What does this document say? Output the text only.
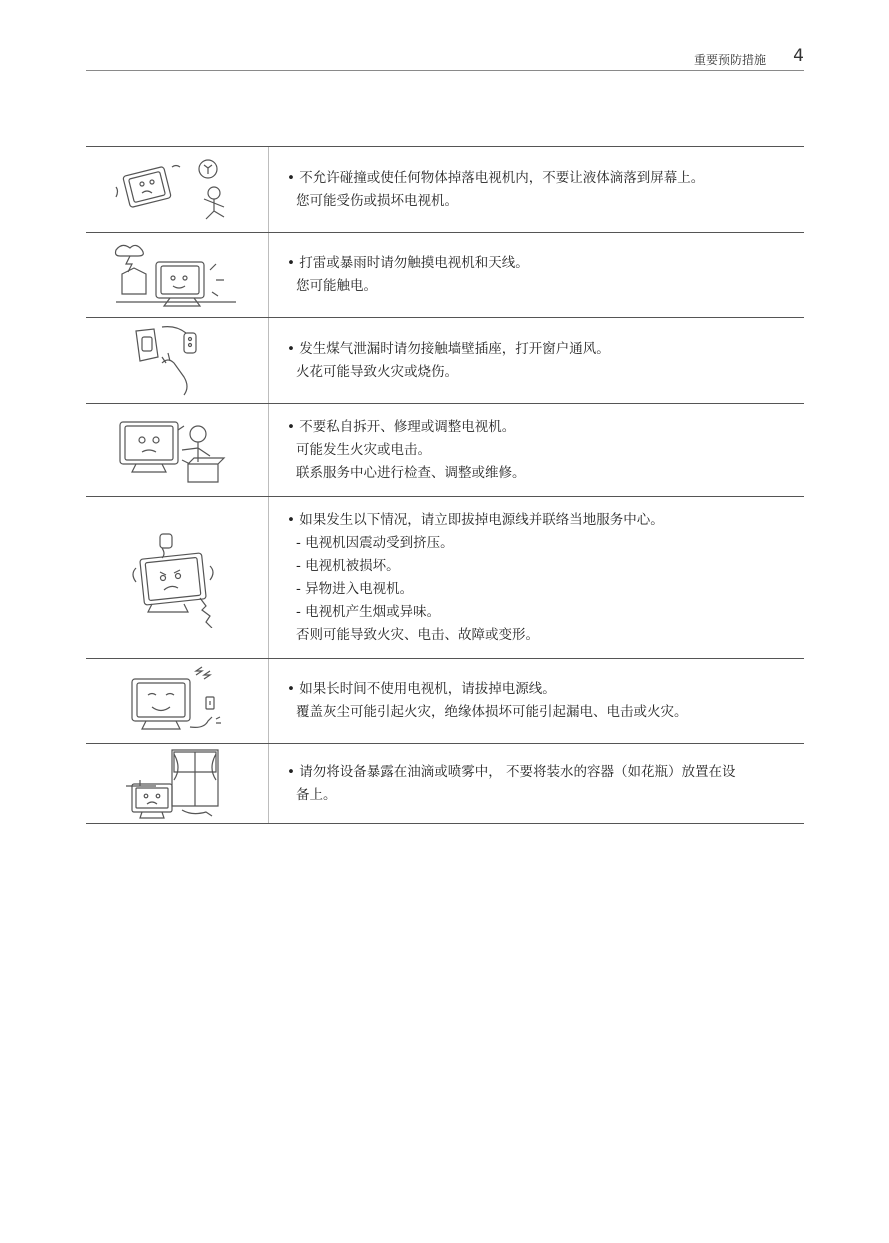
重要预防措施 4
• 不允许碰撞或使任何物体掉落电视机内，不要让液体滴落到屏幕上。
您可能受伤或损坏电视机。
• 打雷或暴雨时请勿触摸电视机和天线。
您可能触电。
• 发生煤气泄漏时请勿接触墙壁插座，打开窗户通风。
火花可能导致火灾或烧伤。
• 不要私自拆开、修理或调整电视机。
可能发生火灾或电击。
联系服务中心进行检查、调整或维修。
• 如果发生以下情况，请立即拔掉电源线并联络当地服务中心。
- 电视机因震动受到挤压。
- 电视机被损坏。
- 异物进入电视机。
- 电视机产生烟或异味。
否则可能导致火灾、电击、故障或变形。
• 如果长时间不使用电视机，请拔掉电源线。
覆盖灰尘可能引起火灾，绝缘体损坏可能引起漏电、电击或火灾。
• 请勿将设备暴露在油滴或喷雾中， 不要将装水的容器（如花瓶）放置在设
备上。
